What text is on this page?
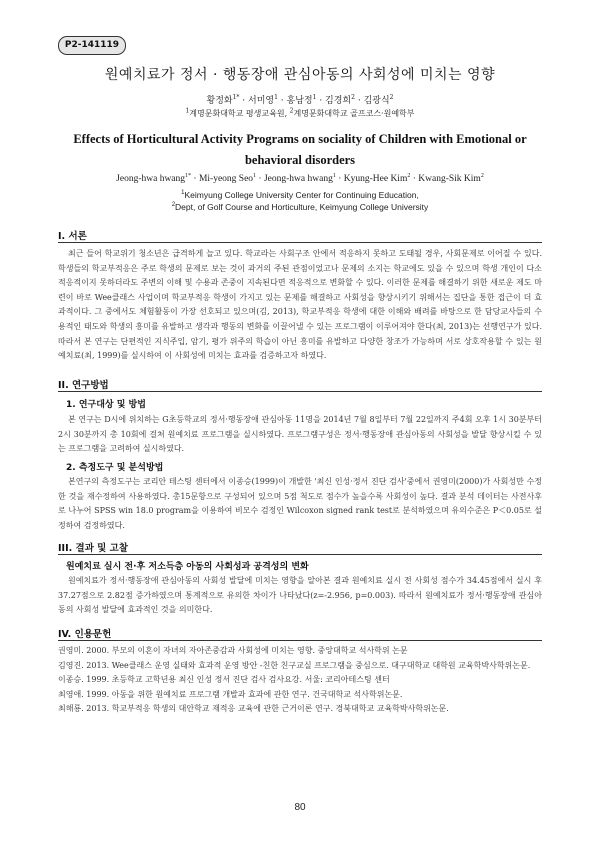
P2-141119
원예치료가 정서 · 행동장애 관심아동의 사회성에 미치는 영향
황정화$^{1*}$ · 서미영$^1$ · 홍남정$^1$ · 김경희$^2$ · 김광식$^2$
$^1$계명문화대학교 평생교육원, $^2$계명문화대학교 골프코스·원예학부
Effects of Horticultural Activity Programs on sociality of Children with Emotional or behavioral disorders
Jeong-hwa hwang$^{1*}$ · Mi-yeong Seo$^1$ · Jeong-hwa hwang$^1$ · Kyung-Hee Kim$^2$ · Kwang-Sik Kim$^2$
$^1$Keimyung College University Center for Continuing Education,
$^2$Dept, of Golf Course and Horticulture, Keimyung College University
I. 서론
최근 들어 학교위기 청소년은 급격하게 늘고 있다. 학교라는 사회구조 안에서 적응하지 못하고 도태될 경우, 사회문제로 이어질 수 있다. 학생들의 학교부적응은 주로 학생의 문제로 보는 것이 과거의 주된 관점이었고나 문제의 소지는 학교에도 있을 수 있으며 학생 개인이 다소 적응적이지 못하더라도 주변의 이해 및 수용과 존중이 지속된다면 적응적으로 변화할 수 있다. 이러한 문제를 해결하기 위한 새로운 제도 마련이 바로 Wee클래스 사업이며 학교부적응 학생이 가지고 있는 문제를 해결하고 사회성을 향상시키기 위해서는 집단을 통한 접근이 더 효과적이다. 그 중에서도 체험활동이 가장 선호되고 있으며(김, 2013), 학교부적응 학생에 대한 이해와 배려를 바탕으로 한 담당교사들의 수용적인 태도와 학생의 흥미를 유발하고 생각과 행동의 변화를 이끌어낼 수 있는 프로그램이 이루어져야 한다(최, 2013)는 선행연구가 있다. 따라서 본 연구는 단편적인 지식주입, 암기, 평가 위주의 학습이 아닌 흥미를 유발하고 다양한 창조가 가능하며 서로 상호작용할 수 있는 원예치료(최, 1999)를 실시하여 이 사회성에 미치는 효과를 검증하고자 하였다.
II. 연구방법
1. 연구대상 및 방법
본 연구는 D시에 위치하는 G초등학교의 정서·행동장애 관심아동 11명을 2014년 7월 8일부터 7월 22일까지 주4회 오후 1시 30분부터 2시 30분까지 총 10회에 걸쳐 원예치료 프로그램을 실시하였다. 프로그램구성은 정서·행동장애 관심아동의 사회성을 발달 향상시킬 수 있는 프로그램을 고려하여 실시하였다.
2. 측정도구 및 분석방법
본연구의 측정도구는 코리안 테스팅 센터에서 이종승(1999)이 개발한 '최신 인성·정서 진단 검사'중에서 권영미(2000)가 사회성만 수정한 것을 재수정하여 사용하였다. 총15문항으로 구성되어 있으며 5점 척도로 점수가 높을수록 사회성이 높다. 결과 분석 데이터는 사전사후로 나누어 SPSS win 18.0 program을 이용하여 비모수 검정인 Wilcoxon signed rank test로 분석하였으며 유의수준은 P＜0.05로 설정하여 검정하였다.
III. 결과 및 고찰
원예치료 실시 전·후 저소득층 아동의 사회성과 공격성의 변화
원예치료가 정서·행동장애 관심아동의 사회성 발달에 미치는 영향을 알아본 결과 원예치료 실시 전 사회성 점수가 34.45점에서 실시 후 37.27점으로 2.82점 증가하였으며 통계적으로 유의한 차이가 나타났다(z=-2.956, p=0.003). 따라서 원예치료가 정서·행동장애 관심아동의 사회성 발달에 효과적인 것을 의미한다.
IV. 인용문헌
권영미. 2000. 부모의 이혼이 자녀의 자아존중감과 사회성에 미치는 영향. 중앙대학교 석사학위 논문
김영진. 2013. Wee클래스 운영 실태와 효과적 운영 방안 -친한 친구교실 프로그램을 중심으로. 대구대학교 대학원 교육학박사학위논문.
이종승. 1999. 초등학교 고학년용 최신 인성 정서 진단 검사 검사요강. 서울: 코리아테스팅 센터
최영애. 1999. 아동을 위한 원예치료 프로그램 개발과 효과에 관한 연구. 건국대학교 석사학위논문.
최해룡. 2013. 학교부적응 학생의 대안학교 재적응 교육에 관한 근거이론 연구. 경북대학교 교육학박사학위논문.
80
